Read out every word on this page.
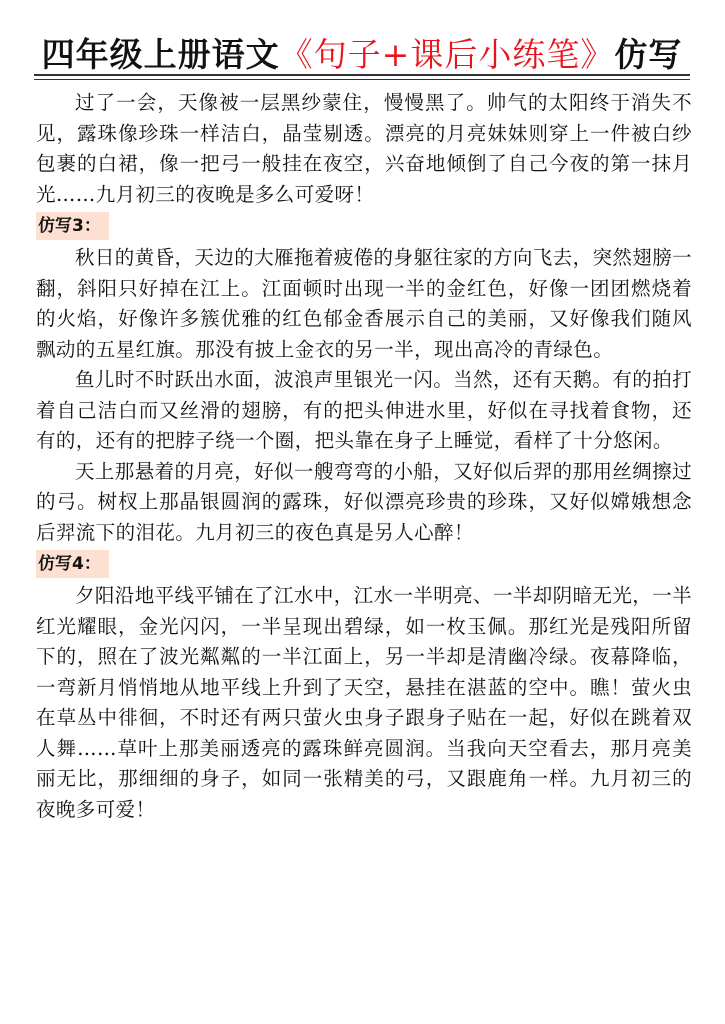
四年级上册语文《句子+课后小练笔》仿写

过了一会，天像被一层黑纱蒙住，慢慢黑了。帅气的太阳终于消失不见，露珠像珍珠一样洁白，晶莹剔透。漂亮的月亮妹妹则穿上一件被白纱包裹的白裙，像一把弓一般挂在夜空，兴奋地倾倒了自己今夜的第一抹月光……九月初三的夜晚是多么可爱呀！

仿写3：

秋日的黄昏，天边的大雁拖着疲倦的身躯往家的方向飞去，突然翅膀一翻，斜阳只好掉在江上。江面顿时出现一半的金红色，好像一团团燃烧着的火焰，好像许多簇优雅的红色郁金香展示自己的美丽，又好像我们随风飘动的五星红旗。那没有披上金衣的另一半，现出高冷的青绿色。

鱼儿时不时跃出水面，波浪声里银光一闪。当然，还有天鹅。有的拍打着自己洁白而又丝滑的翅膀，有的把头伸进水里，好似在寻找着食物，还有的，还有的把脖子绕一个圈，把头靠在身子上睡觉，看样了十分悠闲。

天上那悬着的月亮，好似一艘弯弯的小船，又好似后羿的那用丝绸擦过的弓。树杈上那晶银圆润的露珠，好似漂亮珍贵的珍珠，又好似嫦娥想念后羿流下的泪花。九月初三的夜色真是另人心醉！

仿写4：

夕阳沿地平线平铺在了江水中，江水一半明亮、一半却阴暗无光，一半红光耀眼，金光闪闪，一半呈现出碧绿，如一枚玉佩。那红光是残阳所留下的，照在了波光粼粼的一半江面上，另一半却是清幽冷绿。夜幕降临，一弯新月悄悄地从地平线上升到了天空，悬挂在湛蓝的空中。瞧！萤火虫在草丛中徘徊，不时还有两只萤火虫身子跟身子贴在一起，好似在跳着双人舞……草叶上那美丽透亮的露珠鲜亮圆润。当我向天空看去，那月亮美丽无比，那细细的身子，如同一张精美的弓，又跟鹿角一样。九月初三的夜晚多可爱！
